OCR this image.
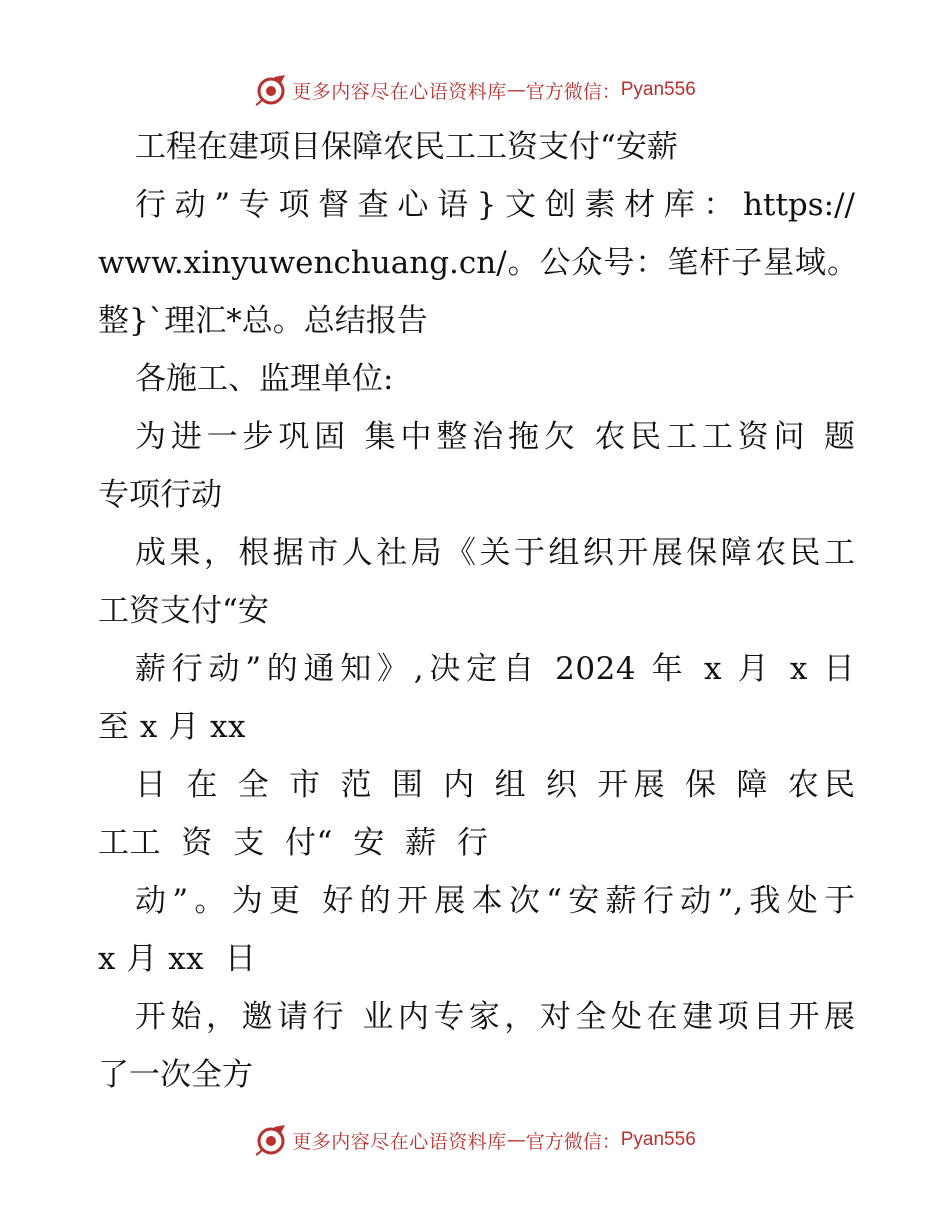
更多内容尽在心语资料库 — 官方微信： Pyan556
工程在建项目保障农民工工资支付“安薪
行动”专项督查心语}文创素材库：https://
www.xinyuwenchuang.cn/。公众号：笔杆子星域。
整}`理汇*总。总结报告
各施工、监理单位:
为进一步巩固 集中整治拖欠 农民工工资问 题
专项行动
成果，根据市人社局《关于组织开展保障农民工
工资支付“安
薪行动”的通知》,决定自 2024 年 x 月 x 日
至 x 月 xx
日 在 全 市 范 围 内 组 织 开展 保 障 农民
工工 资 支 付“ 安 薪 行
动”。为更 好的开展本次“安薪行动”,我处于
x 月 xx  日
开始，邀请行 业内专家，对全处在建项目开展
了一次全方
更多内容尽在心语资料库 — 官方微信： Pyan556
